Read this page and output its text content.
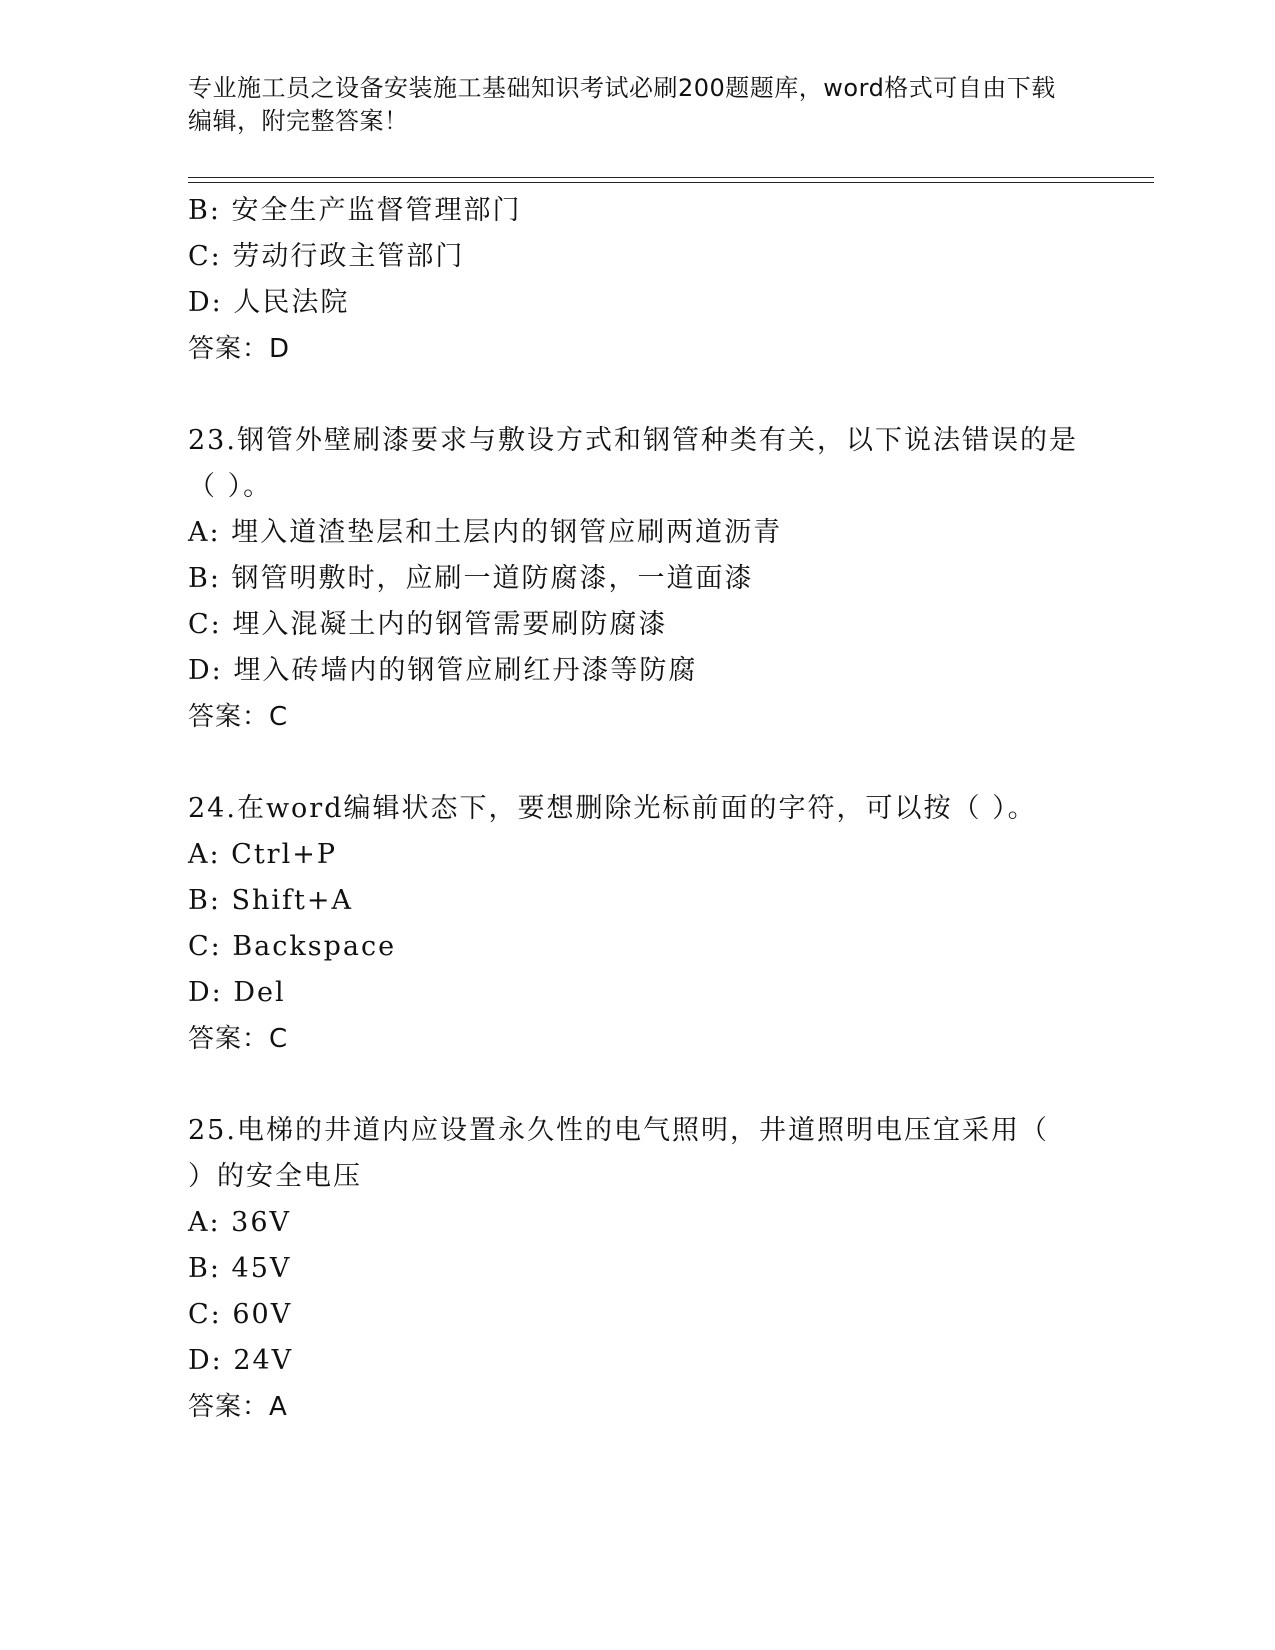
专业施工员之设备安装施工基础知识考试必刷200题题库，word格式可自由下载
编辑，附完整答案！
B: 安全生产监督管理部门
C: 劳动行政主管部门
D: 人民法院
答案：D
23.钢管外壁刷漆要求与敷设方式和钢管种类有关，以下说法错误的是
（ ）。
A: 埋入道渣垫层和土层内的钢管应刷两道沥青
B: 钢管明敷时，应刷一道防腐漆，一道面漆
C: 埋入混凝土内的钢管需要刷防腐漆
D: 埋入砖墙内的钢管应刷红丹漆等防腐
答案：C
24.在word编辑状态下，要想删除光标前面的字符，可以按（ ）。
A: Ctrl+P
B: Shift+A
C: Backspace
D: Del
答案：C
25.电梯的井道内应设置永久性的电气照明，井道照明电压宜采用（
）的安全电压
A: 36V
B: 45V
C: 60V
D: 24V
答案：A
